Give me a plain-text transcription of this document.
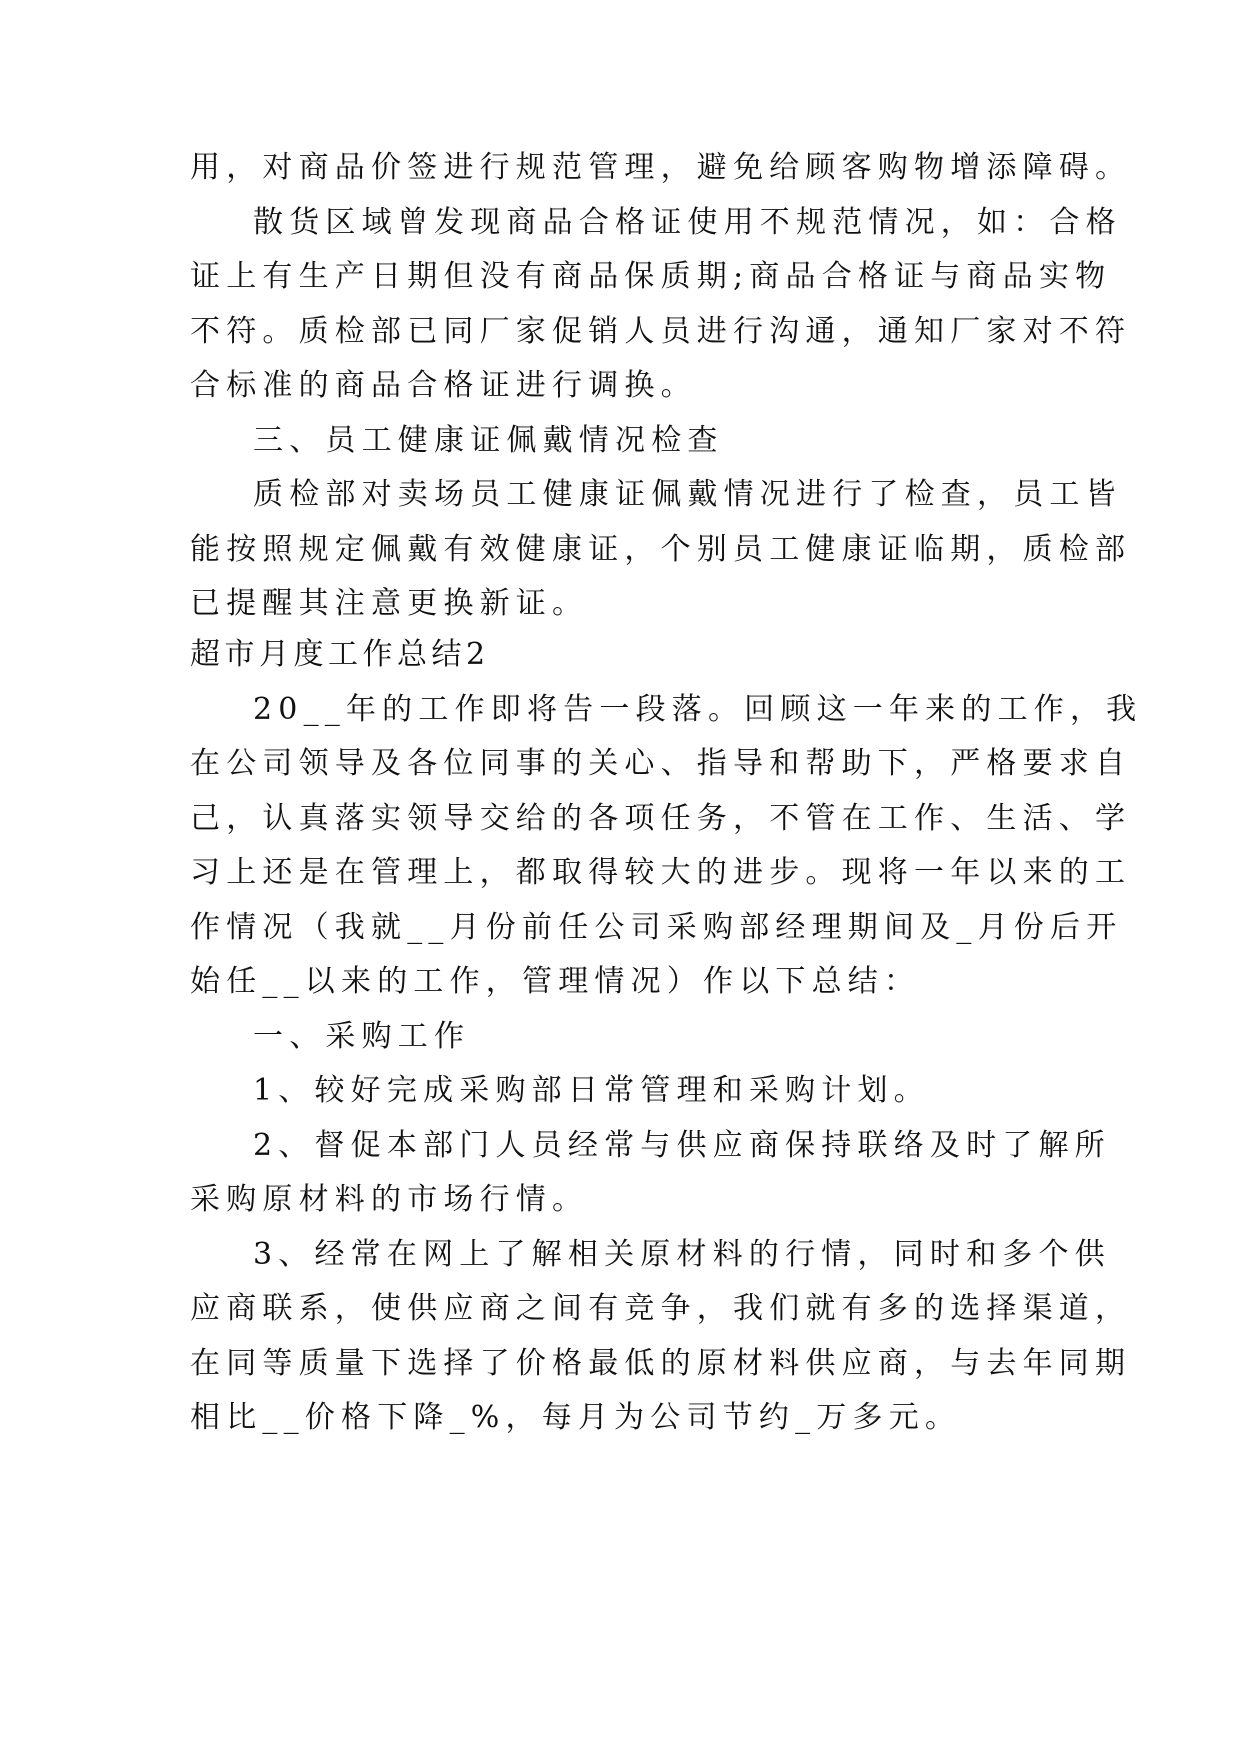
用，对商品价签进行规范管理，避免给顾客购物增添障碍。
散货区域曾发现商品合格证使用不规范情况，如：合格
证上有生产日期但没有商品保质期;商品合格证与商品实物
不符。质检部已同厂家促销人员进行沟通，通知厂家对不符
合标准的商品合格证进行调换。
三、员工健康证佩戴情况检查
质检部对卖场员工健康证佩戴情况进行了检查，员工皆
能按照规定佩戴有效健康证，个别员工健康证临期，质检部
已提醒其注意更换新证。
超市月度工作总结2
20__年的工作即将告一段落。回顾这一年来的工作，我
在公司领导及各位同事的关心、指导和帮助下，严格要求自
己，认真落实领导交给的各项任务，不管在工作、生活、学
习上还是在管理上，都取得较大的进步。现将一年以来的工
作情况（我就__月份前任公司采购部经理期间及_月份后开
始任__以来的工作，管理情况）作以下总结：
一、采购工作
1、较好完成采购部日常管理和采购计划。
2、督促本部门人员经常与供应商保持联络及时了解所
采购原材料的市场行情。
3、经常在网上了解相关原材料的行情，同时和多个供
应商联系，使供应商之间有竞争，我们就有多的选择渠道，
在同等质量下选择了价格最低的原材料供应商，与去年同期
相比__价格下降_%，每月为公司节约_万多元。
